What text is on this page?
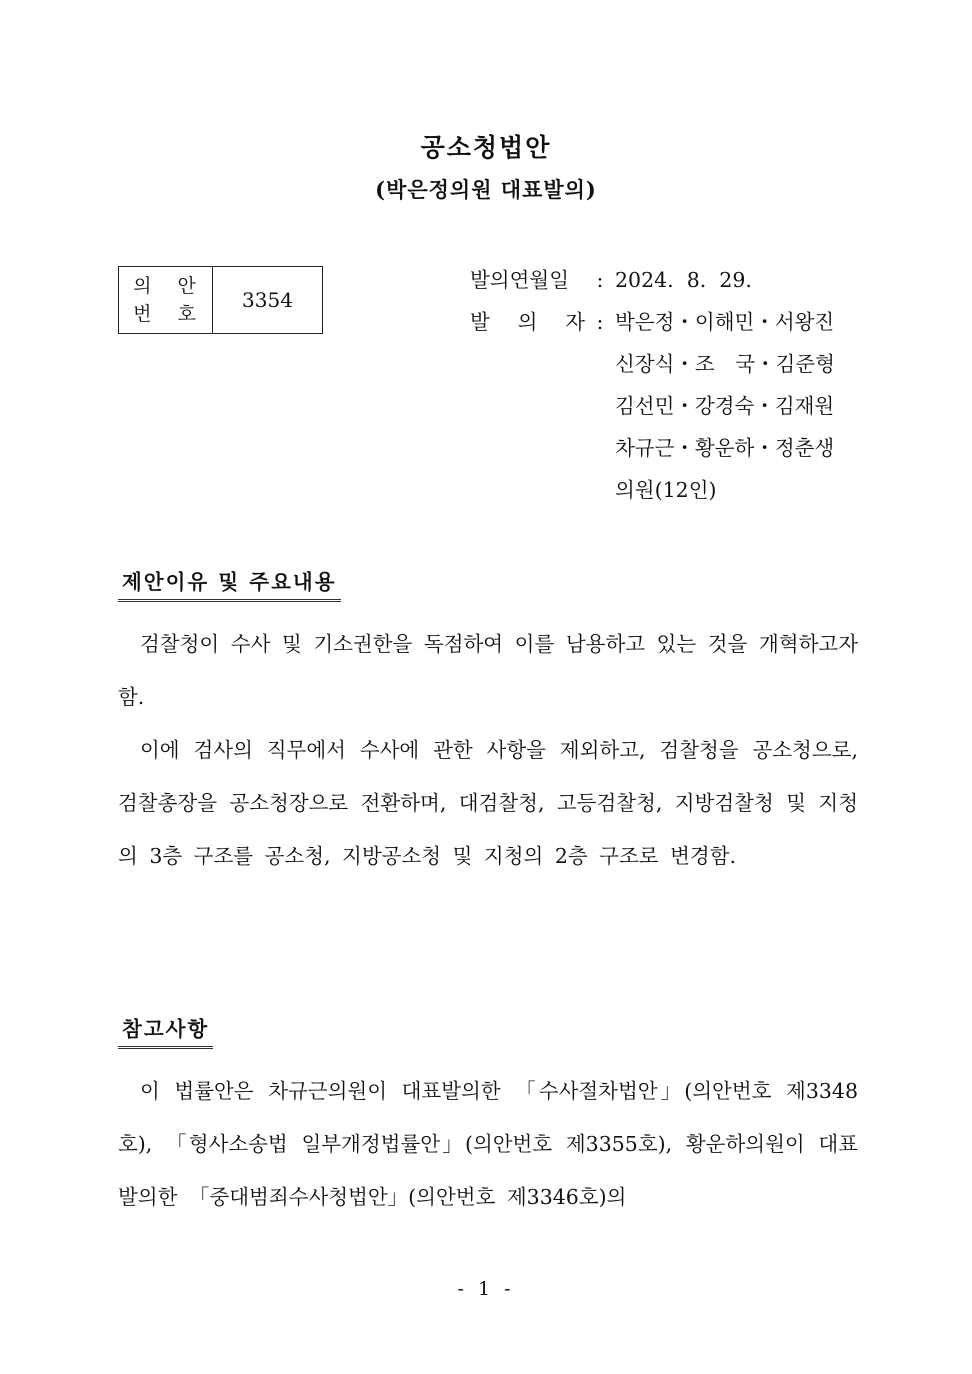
공소청법안
(박은정의원 대표발의)
의 안
번 호
3354
발의연월일 : 2024.  8.  29.
발 의 자 : 박은정・이해민・서왕진
신장식・조　국・김준형
김선민・강경숙・김재원
차규근・황운하・정춘생
의원(12인)
제안이유 및 주요내용

검찰청이 수사 및 기소권한을 독점하여 이를 남용하고 있는 것을 개혁하고자 함.

이에 검사의 직무에서 수사에 관한 사항을 제외하고, 검찰청을 공소청으로, 검찰총장을 공소청장으로 전환하며, 대검찰청, 고등검찰청, 지방검찰청 및 지청의 3층 구조를 공소청, 지방공소청 및 지청의 2층 구조로 변경함.

참고사항

이 법률안은 차규근의원이 대표발의한 「수사절차법안」(의안번호 제3348호), 「형사소송법 일부개정법률안」(의안번호 제3355호), 황운하의원이 대표발의한 「중대범죄수사청법안」(의안번호 제3346호)의

- 1 -
